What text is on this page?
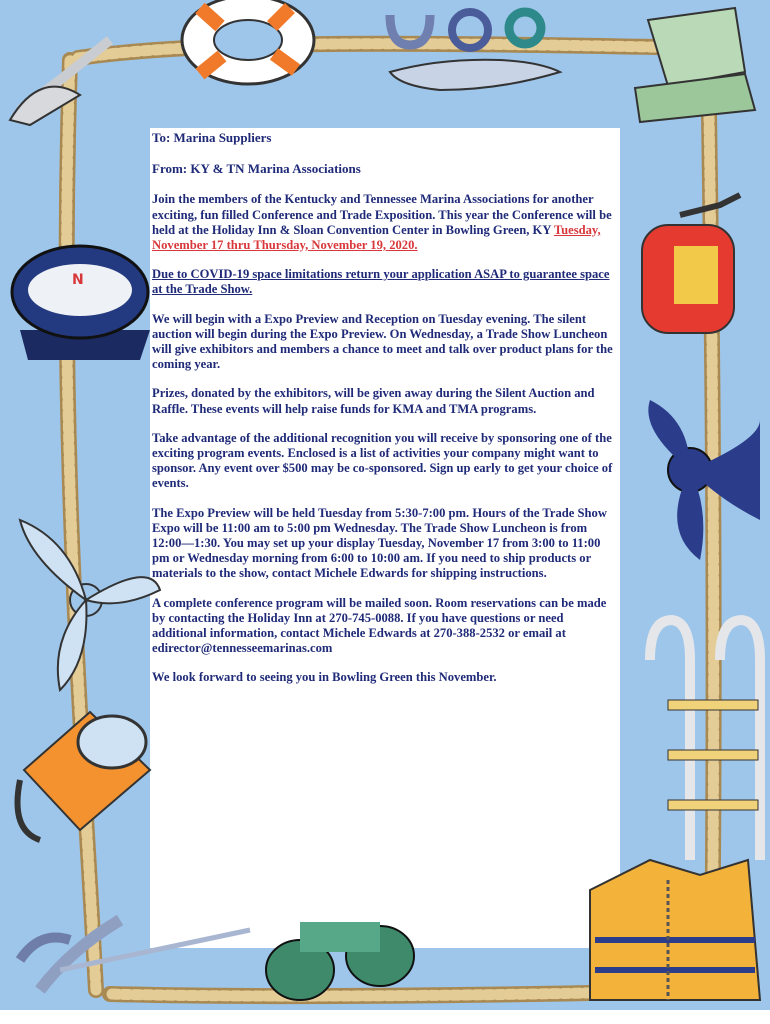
N

To: Marina Suppliers

From: KY & TN Marina Associations

Join the members of the Kentucky and Tennessee Marina Associations for another exciting, fun filled Conference and Trade Exposition. This year the Conference will be held at the Holiday Inn & Sloan Convention Center in Bowling Green, KY Tuesday, November 17 thru Thursday, November 19, 2020.

Due to COVID-19 space limitations return your application ASAP to guarantee space at the Trade Show.

We will begin with a Expo Preview and Reception on Tuesday evening. The silent auction will begin during the Expo Preview. On Wednesday, a Trade Show Luncheon will give exhibitors and members a chance to meet and talk over product plans for the coming year.

Prizes, donated by the exhibitors, will be given away during the Silent Auction and Raffle. These events will help raise funds for KMA and TMA programs.

Take advantage of the additional recognition you will receive by sponsoring one of the exciting program events. Enclosed is a list of activities your company might want to sponsor. Any event over $500 may be co-sponsored. Sign up early to get your choice of events.

The Expo Preview will be held Tuesday from 5:30-7:00 pm. Hours of the Trade Show Expo will be 11:00 am to 5:00 pm Wednesday. The Trade Show Luncheon is from 12:00—1:30. You may set up your display Tuesday, November 17 from 3:00 to 11:00 pm or Wednesday morning from 6:00 to 10:00 am. If you need to ship products or materials to the show, contact Michele Edwards for shipping instructions.

A complete conference program will be mailed soon. Room reservations can be made by contacting the Holiday Inn at 270-745-0088. If you have questions or need additional information, contact Michele Edwards at 270-388-2532 or email at edirector@tennesseemarinas.com

We look forward to seeing you in Bowling Green this November.
